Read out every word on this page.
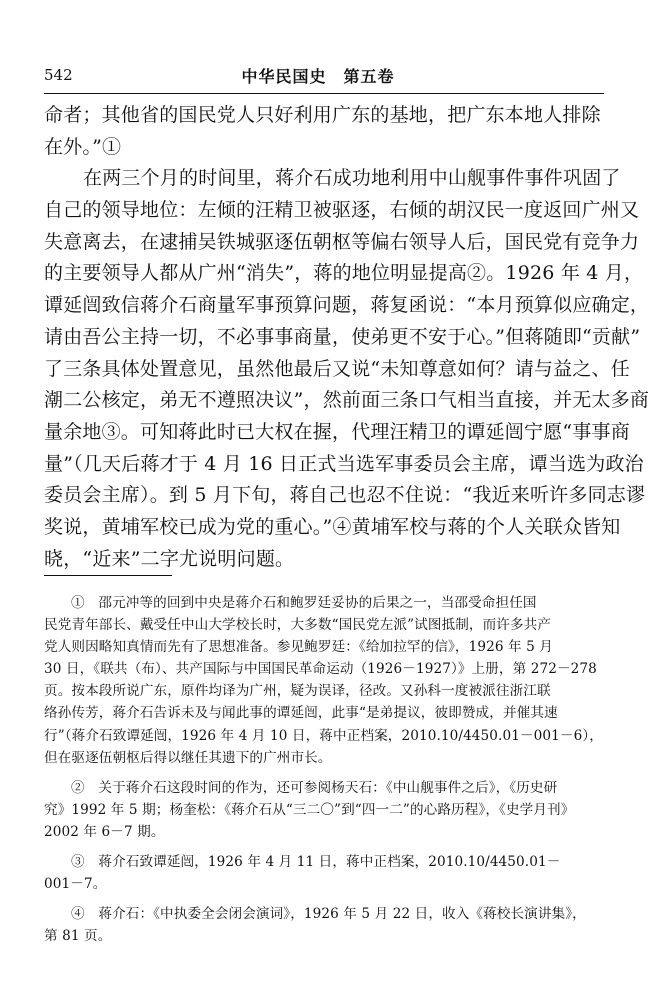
542	中华民国史　第五卷
命者；其他省的国民党人只好利用广东的基地，把广东本地人排除
在外。”①
在两三个月的时间里，蒋介石成功地利用中山舰事件事件巩固了
自己的领导地位：左倾的汪精卫被驱逐，右倾的胡汉民一度返回广州又
失意离去，在逮捕吴铁城驱逐伍朝枢等偏右领导人后，国民党有竞争力
的主要领导人都从广州“消失”，蒋的地位明显提高②。1926 年 4 月，
谭延闿致信蒋介石商量军事预算问题，蒋复函说：“本月预算似应确定，
请由吾公主持一切，不必事事商量，使弟更不安于心。”但蒋随即“贡献”
了三条具体处置意见，虽然他最后又说“未知尊意如何？请与益之、任
潮二公核定，弟无不遵照决议”，然前面三条口气相当直接，并无太多商
量余地③。可知蒋此时已大权在握，代理汪精卫的谭延闿宁愿“事事商
量”（几天后蒋才于 4 月 16 日正式当选军事委员会主席，谭当选为政治
委员会主席）。到 5 月下旬，蒋自己也忍不住说：“我近来听许多同志谬
奖说，黄埔军校已成为党的重心。”④黄埔军校与蒋的个人关联众皆知
晓，“近来”二字尤说明问题。
①　邵元冲等的回到中央是蒋介石和鲍罗廷妥协的后果之一，当邵受命担任国
民党青年部长、戴受任中山大学校长时，大多数“国民党左派”试图抵制，而许多共产
党人则因略知真情而先有了思想准备。参见鲍罗廷：《给加拉罕的信》，1926 年 5 月
30 日，《联共（布）、共产国际与中国国民革命运动（1926－1927）》上册，第 272－278
页。按本段所说广东，原件均译为广州，疑为误译，径改。又孙科一度被派往浙江联
络孙传芳，蒋介石告诉未及与闻此事的谭延闿，此事“是弟提议，彼即赞成，并催其速
行”（蒋介石致谭延闿，1926 年 4 月 10 日，蒋中正档案，2010.10/4450.01－001－6），
但在驱逐伍朝枢后得以继任其遗下的广州市长。
②　关于蒋介石这段时间的作为，还可参阅杨天石：《中山舰事件之后》，《历史研
究》1992 年 5 期；杨奎松：《蒋介石从“三二〇”到“四一二”的心路历程》，《史学月刊》
2002 年 6－7 期。
③　蒋介石致谭延闿，1926 年 4 月 11 日，蒋中正档案，2010.10/4450.01－
001－7。
④　蒋介石：《中执委全会闭会演词》，1926 年 5 月 22 日，收入《蒋校长演讲集》，
第 81 页。
